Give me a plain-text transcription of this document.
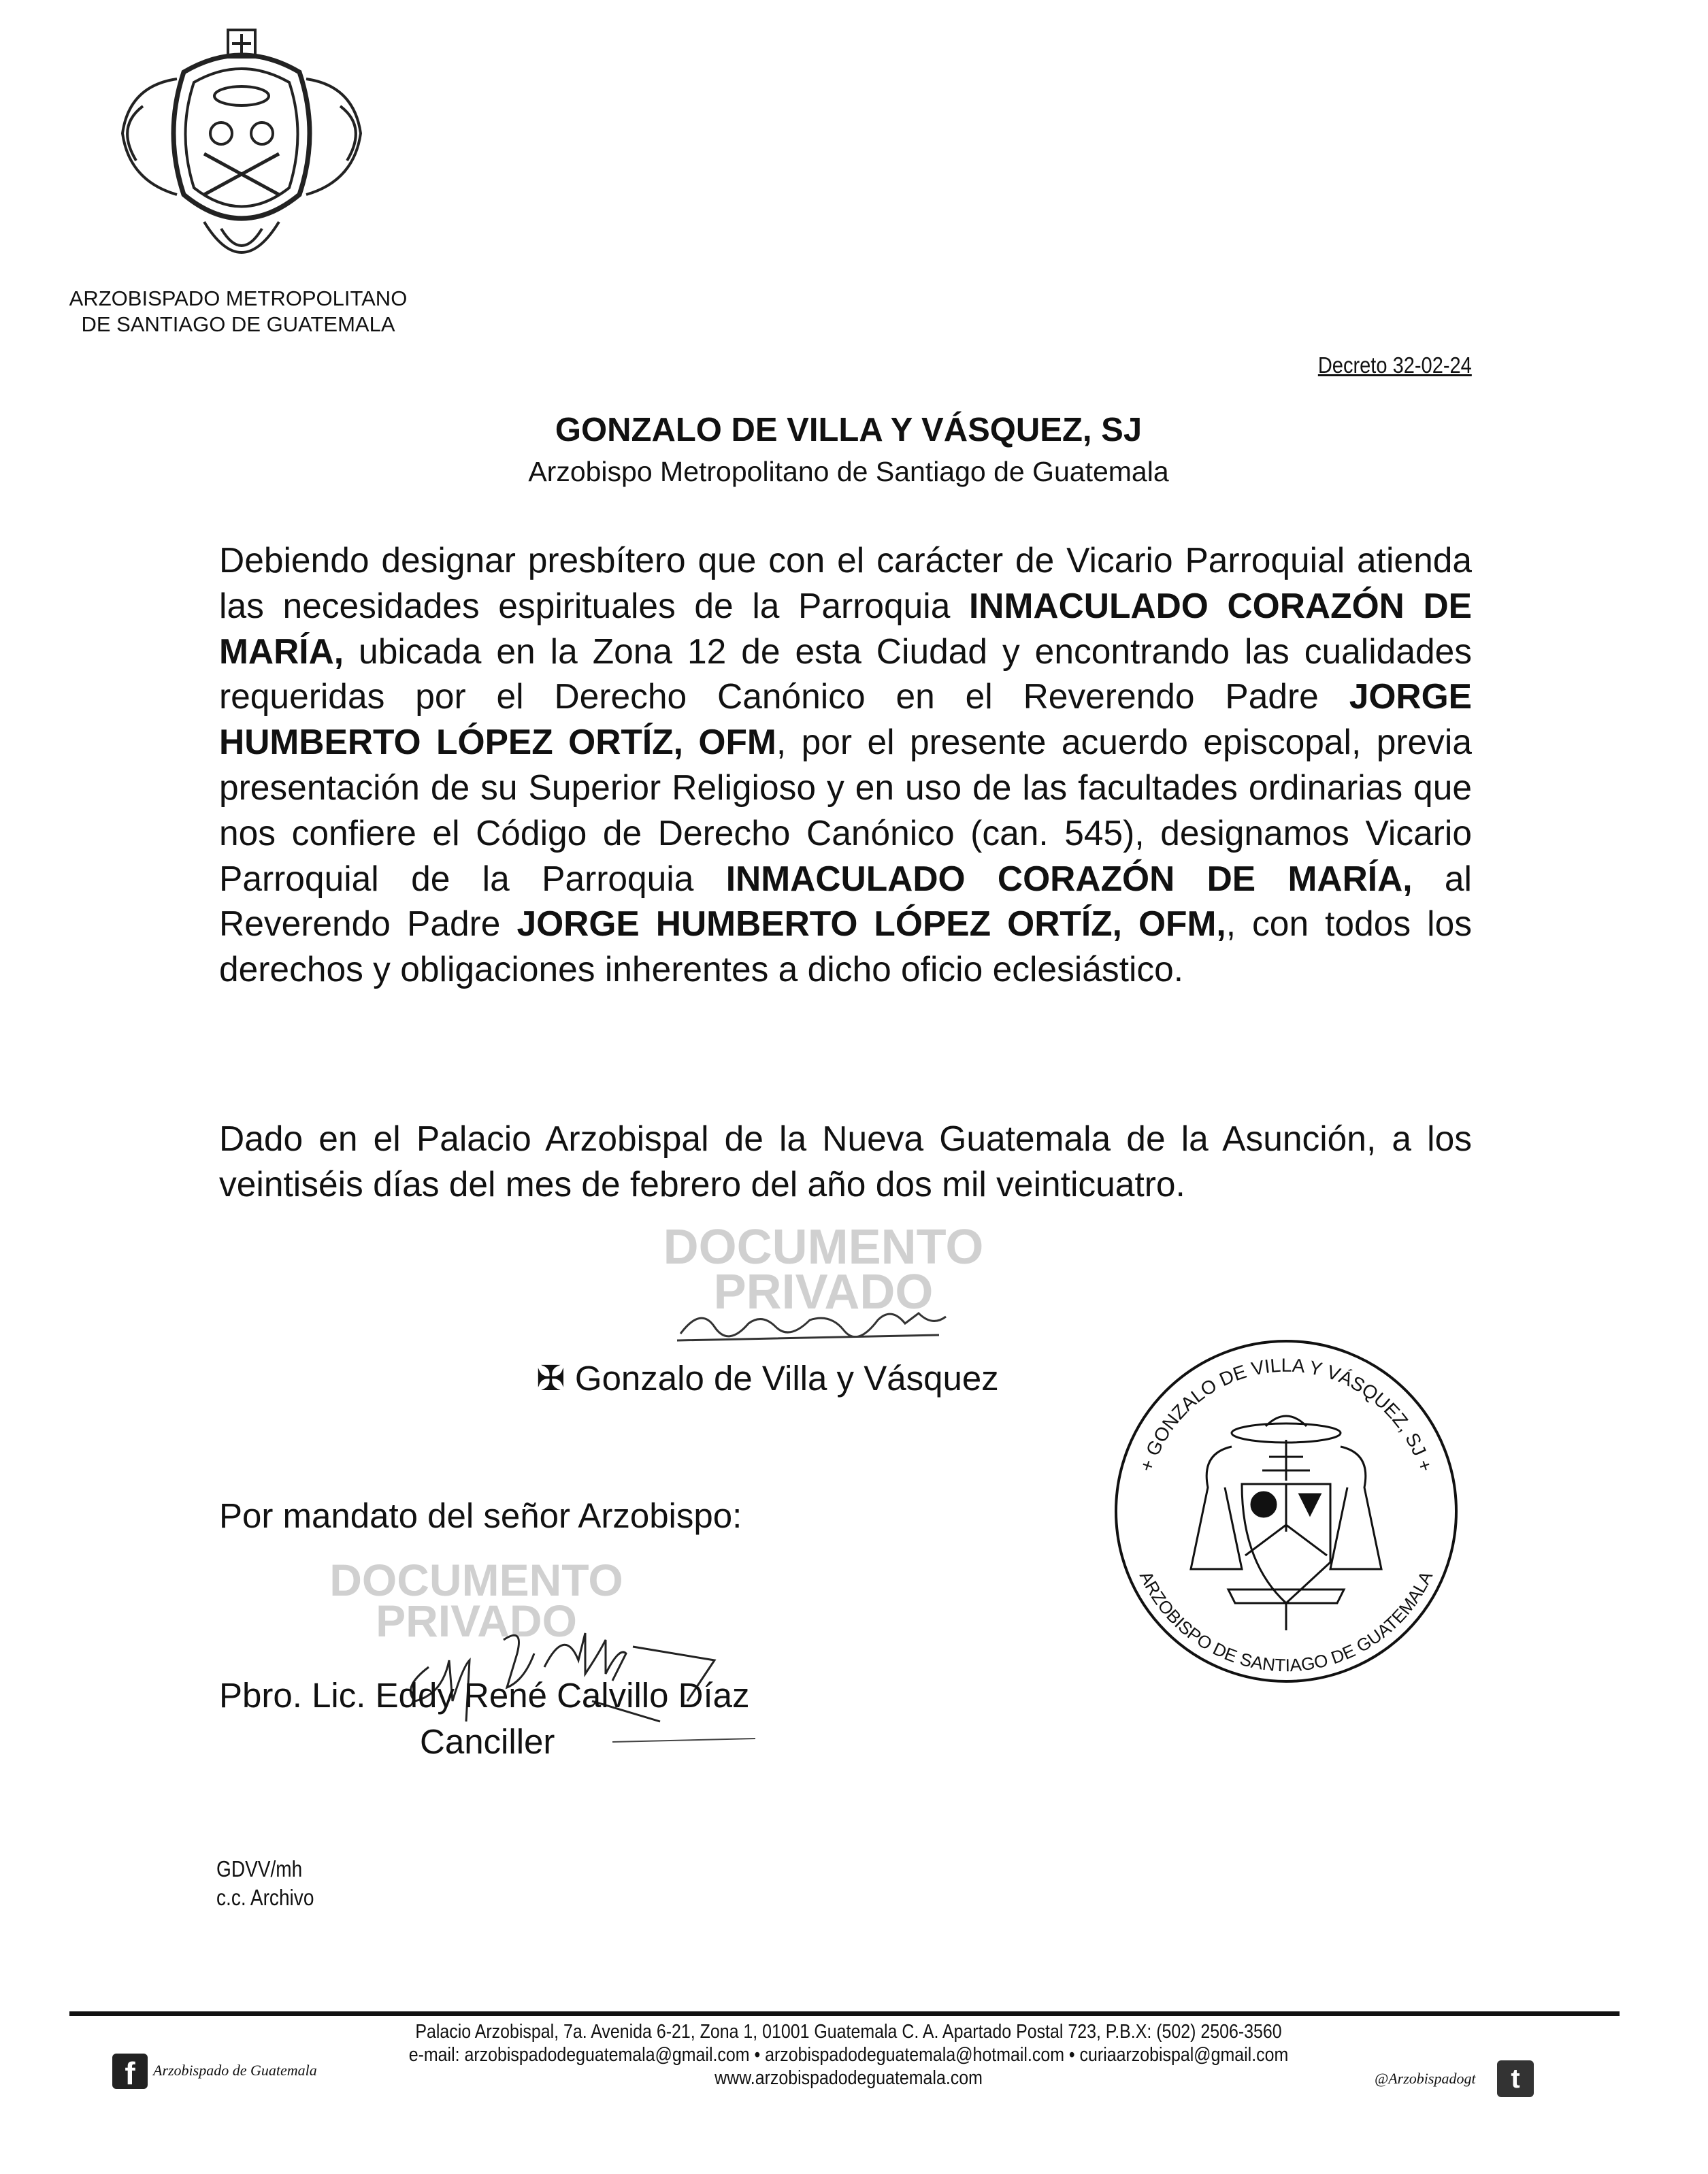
ARZOBISPADO METROPOLITANO
DE SANTIAGO DE GUATEMALA
Decreto 32-02-24
GONZALO DE VILLA Y VÁSQUEZ, SJ
Arzobispo Metropolitano de Santiago de Guatemala
Debiendo designar presbítero que con el carácter de Vicario Parroquial atienda las necesidades espirituales de la Parroquia INMACULADO CORAZÓN DE MARÍA, ubicada en la Zona 12 de esta Ciudad y encontrando las cualidades requeridas por el Derecho Canónico en el Reverendo Padre JORGE HUMBERTO LÓPEZ ORTÍZ, OFM, por el presente acuerdo episcopal, previa presentación de su Superior Religioso y en uso de las facultades ordinarias que nos confiere el Código de Derecho Canónico (can. 545), designamos Vicario Parroquial de la Parroquia INMACULADO CORAZÓN DE MARÍA, al Reverendo Padre JORGE HUMBERTO LÓPEZ ORTÍZ, OFM,, con todos los derechos y obligaciones inherentes a dicho oficio eclesiástico.
Dado en el Palacio Arzobispal de la Nueva Guatemala de la Asunción, a los veintiséis días del mes de febrero del año dos mil veinticuatro.
DOCUMENTO
PRIVADO
✠ Gonzalo de Villa y Vásquez
+ GONZALO DE VILLA Y VÁSQUEZ, SJ +
ARZOBISPO DE SANTIAGO DE GUATEMALA
Por mandato del señor Arzobispo:
DOCUMENTO
PRIVADO
Pbro. Lic. Eddy René Calvillo Díaz
Canciller
GDVV/mh
c.c. Archivo
Palacio Arzobispal, 7a. Avenida 6-21, Zona 1, 01001 Guatemala C. A. Apartado Postal 723, P.B.X: (502) 2506-3560
e-mail: arzobispadodeguatemala@gmail.com • arzobispadodeguatemala@hotmail.com • curiaarzobispal@gmail.com
www.arzobispadodeguatemala.com
f	Arzobispado de Guatemala	@Arzobispadogt	t
